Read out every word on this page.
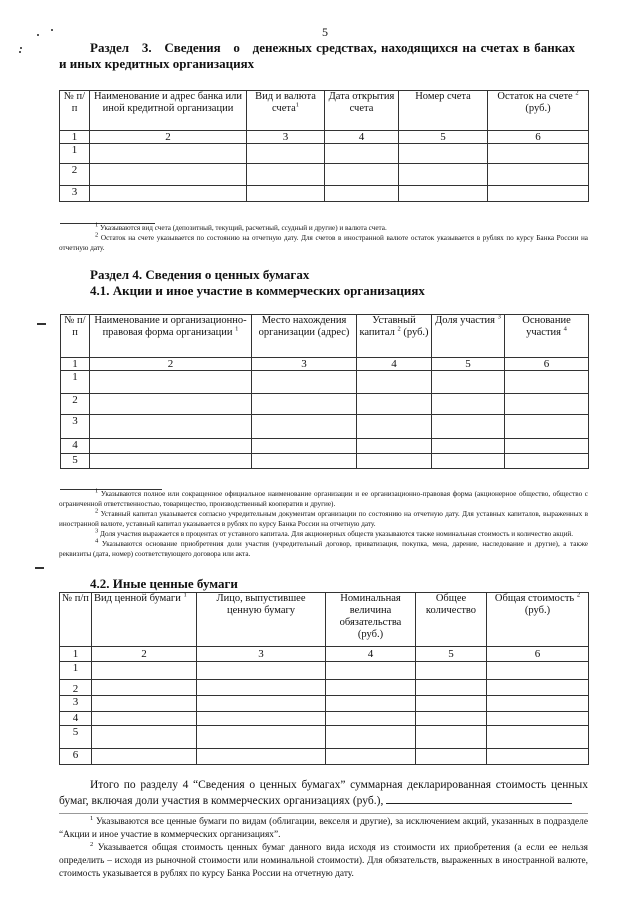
5
Раздел   3.   Сведения   о   денежных средствах, находящихся на счетах в банках
и иных кредитных организациях
№ п/п	Наименование и адрес банка или иной кредитной организации	Вид и валюта счета$^1$	Дата открытия счета	Номер счета	Остаток на счете $^2$ (руб.)
1	2	3	4	5	6
1					
2					
3					
$^1$ Указываются вид счета (депозитный, текущий, расчетный, ссудный и другие) и валюта счета.
$^2$ Остаток на счете указывается по состоянию на отчетную дату. Для счетов в иностранной валюте остаток указывается в рублях по курсу Банка России на отчетную дату.
Раздел 4. Сведения о ценных бумагах
4.1. Акции и иное участие в коммерческих организациях
№ п/п	Наименование и организационно-правовая форма организации $^1$	Место нахождения организации (адрес)	Уставный капитал $^2$ (руб.)	Доля участия $^3$	Основание участия $^4$
1	2	3	4	5	6
1					
2					
3					
4					
5					
$^1$ Указываются полное или сокращенное официальное наименование организации и ее организационно-правовая форма (акционерное общество, общество с ограниченной ответственностью, товарищество, производственный кооператив и другие).
$^2$ Уставный капитал указывается согласно учредительным документам организации по состоянию на отчетную дату. Для уставных капиталов, выраженных в иностранной валюте, уставный капитал указывается в рублях по курсу Банка России на отчетную дату.
$^3$ Доля участия выражается в процентах от уставного капитала. Для акционерных обществ указываются также номинальная стоимость и количество акций.
$^4$ Указываются основание приобретения доли участия (учредительный договор, приватизация, покупка, мена, дарение, наследование и другие), а также реквизиты (дата, номер) соответствующего договора или акта.
4.2. Иные ценные бумаги
№ п/п	Вид ценной бумаги $^1$	Лицо, выпустившее ценную бумагу	Номинальная величина обязательства (руб.)	Общее количество	Общая стоимость $^2$
(руб.)
1	2	3	4	5	6
1					
2					
3					
4					
5					
6					
Итого по разделу 4 “Сведения о ценных бумагах” суммарная декларированная стоимость ценных бумаг, включая доли участия в коммерческих организациях (руб.),
$^1$ Указываются все ценные бумаги по видам (облигации, векселя и другие), за исключением акций, указанных в подразделе “Акции и иное участие в коммерческих организациях”.
$^2$ Указывается общая стоимость ценных бумаг данного вида исходя из стоимости их приобретения (а если ее нельзя определить – исходя из рыночной стоимости или номинальной стоимости). Для обязательств, выраженных в иностранной валюте, стоимость указывается в рублях по курсу Банка России на отчетную дату.
